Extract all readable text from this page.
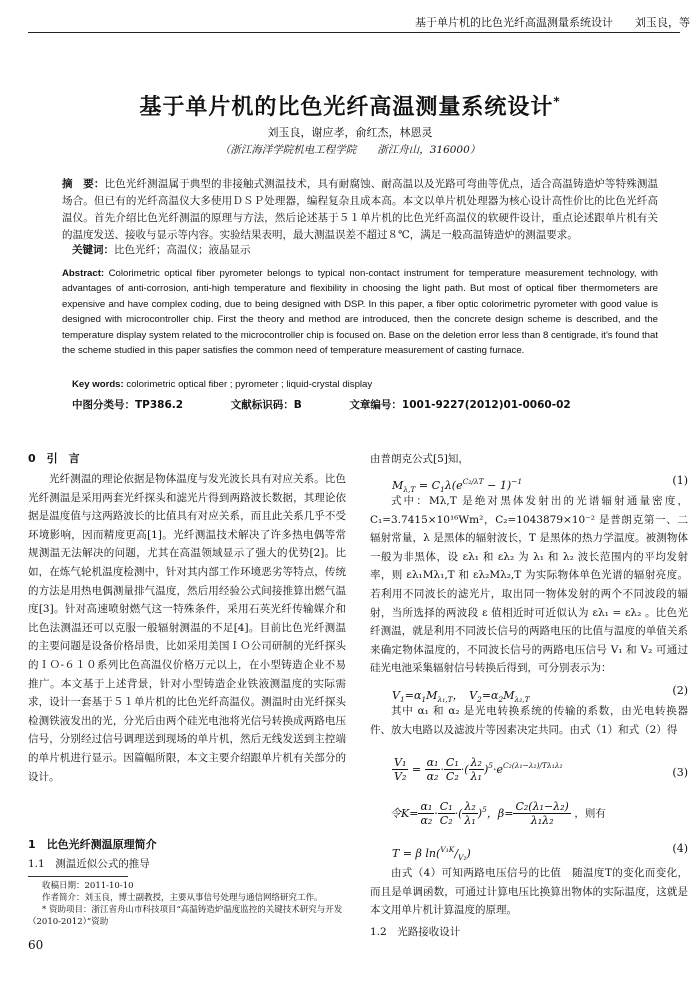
基于单片机的比色光纤高温测量系统设计　　 刘玉良，等
基于单片机的比色光纤高温测量系统设计*
刘玉良，谢应孝，俞红杰，林恩灵
（浙江海洋学院机电工程学院　　浙江舟山，316000）
摘　要：比色光纤测温属于典型的非接触式测温技术，具有耐腐蚀、耐高温以及光路可弯曲等优点，适合高温铸造炉等特殊测温场合。但已有的光纤高温仪大多使用ＤＳＰ处理器，编程复杂且成本高。本文以单片机处理器为核心设计高性价比的比色光纤高温仪。首先介绍比色光纤测温的原理与方法，然后论述基于５１单片机的比色光纤高温仪的软硬件设计，重点论述跟单片机有关的温度发送、接收与显示等内容。实验结果表明，最大测温误差不超过８℃，满足一般高温铸造炉的测温要求。
关键词：比色光纤；高温仪；液晶显示
Abstract: Colorimetric optical fiber pyrometer belongs to typical non-contact instrument for temperature measurement technology, with advantages of anti-corrosion, anti-high temperature and flexibility in choosing the light path. But most of optical fiber thermometers are expensive and have complex coding, due to being designed with DSP. In this paper, a fiber optic colorimetric pyrometer with good value is designed with microcontroller chip. First the theory and method are introduced, then the concrete design scheme is described, and the temperature display system related to the microcontroller chip is focused on. Base on the deletion error less than 8 centigrade, it's found that the scheme studied in this paper satisfies the common need of temperature measurement of casting furnace.
Key words: colorimetric optical fiber ; pyrometer ; liquid-crystal display
中图分类号：TP386.2	文献标识码：B	文章编号：1001-9227(2012)01-0060-02
0　引　言
光纤测温的理论依据是物体温度与发光波长具有对应关系。比色光纤测温是采用两套光纤探头和滤光片得到两路波长数据，其理论依据是温度值与这两路波长的比值具有对应关系，而且此关系几乎不受环境影响，因而精度更高[1]。光纤测温技术解决了许多热电偶等常规测温无法解决的问题，尤其在高温领域显示了强大的优势[2]。比如，在炼气轮机温度检测中，针对其内部工作环境恶劣等特点，传统的方法是用热电偶测量排气温度，然后用经验公式间接推算出燃气温度[3]。针对高速喷射燃气这一特殊条件，采用石英光纤传输媒介和比色法测温还可以克服一般辐射测温的不足[4]。目前比色光纤测温的主要问题是设备价格昂贵，比如采用美国ＩＯ公司研制的光纤探头的ＩＯ-６１０系列比色高温仪价格万元以上，在小型铸造企业不易推广。本文基于上述背景，针对小型铸造企业铁液测温度的实际需求，设计一套基于５１单片机的比色光纤高温仪。测温时由光纤探头检测铁液发出的光，分光后由两个硅光电池将光信号转换成两路电压信号，分别经过信号调理送到现场的单片机，然后无线发送到主控端的单片机进行显示。因篇幅所限，本文主要介绍跟单片机有关部分的设计。
1　比色光纤测温原理简介
1.1　测温近似公式的推导
收稿日期：2011-10-10
作者简介：刘玉良，博士副教授，主要从事信号处理与通信网络研究工作。
* 资助项目：浙江省舟山市科技项目“高温铸造炉温度监控的关键技术研究与开发（2010-2012）”资助
60
由普朗克公式[5]知，
$M_{\lambda,T} = C_1\lambda(e^{C_2/\lambda T} - 1)^{-1}$	(1)
式中：Mλ,T 是绝对黑体发射出的光谱辐射通量密度，C₁=3.7415×10¹⁶Wm²，C₂=1043879×10⁻² 是普朗克第一、二辐射常量，λ 是黑体的辐射波长，T 是黑体的热力学温度。被测物体一般为非黑体，设 ελ₁ 和 ελ₂ 为 λ₁ 和 λ₂ 波长范围内的平均发射率，则 ελ₁Mλ₁,T 和 ελ₂Mλ₂,T 为实际物体单色光谱的辐射亮度。若利用不同波长的滤光片，取出同一物体发射的两个不同波段的辐射，当所选择的两波段 ε 值相近时可近似认为 ελ₁ = ελ₂ 。比色光纤测温，就是利用不同波长信号的两路电压的比值与温度的单值关系来确定物体温度的，不同波长信号的两路电压信号 V₁ 和 V₂ 可通过硅光电池采集辐射信号转换后得到，可分别表示为：
$V_1=\alpha_1M_{\lambda_1,T}$，　$V_2=\alpha_2M_{\lambda_2,T}$
(2)
其中 α₁ 和 α₂ 是光电转换系统的传输的系数，由光电转换器件、放大电路以及滤波片等因素决定共同。由式（1）和式（2）得
$\frac{\text{V₁}}{\text{V₂}} = \frac{\text{α₁}}{\text{α₂}} \cdot \frac{\text{C₁}}{\text{C₂}}$ ·( $\frac{\text{λ₂}}{\text{λ₁}} )^5\cdot e^{C_2(\lambda_1-\lambda_2)/T\lambda_1\lambda_2}$
(3)
令$K= \frac{\text{α₁}}{\text{α₂}} \cdot \frac{\text{C₁}}{\text{C₂}}$ ·( $\frac{\text{λ₂}}{\text{λ₁}} )^5$，$\beta= \frac{\text{C₂(λ₁−λ₂)}}{\text{λ₁λ₂}}$ ，则有
T = β $\ln(^{V_1K}/_{V_2})$	(4)
由式（4）可知两路电压信号的比值　随温度T的变化而变化，而且是单调函数，可通过计算电压比换算出物体的实际温度，这就是本文用单片机计算温度的原理。
1.2　光路接收设计
